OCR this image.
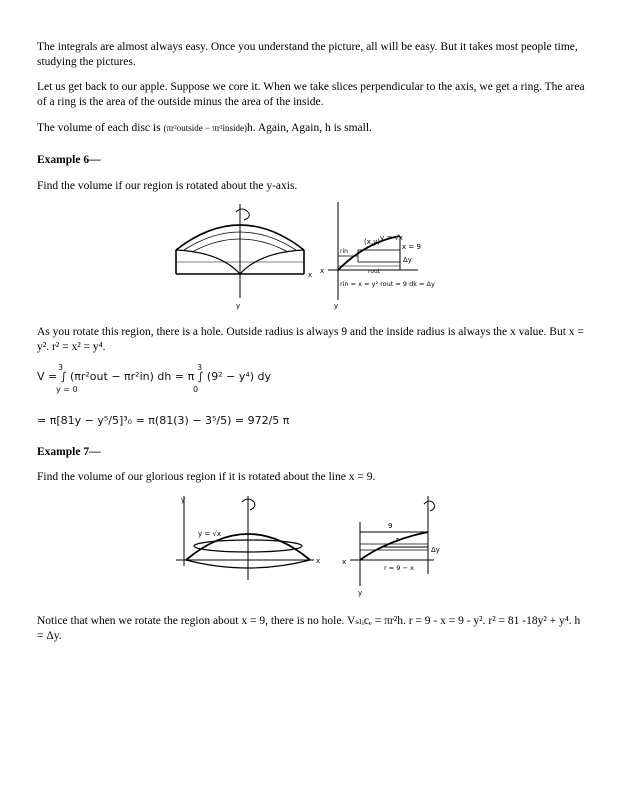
The integrals are almost always easy. Once you understand the picture, all will be easy. But it takes most people time, studying the pictures.
Let us get back to our apple. Suppose we core it. When we take slices perpendicular to the axis, we get a ring. The area of a ring is the area of the outside minus the area of the inside.
The volume of each disc is (πr²outside − πr²inside)h. Again, Again, h is small.
Example 6—
Find the volume if our region is rotated about the y-axis.
x
y
(x,y) y = √x
x = 9
rin
rout
Δy
x
y
rin = x = y² rout = 9 dk = Δy
As you rotate this region, there is a hole. Outside radius is always 9 and the inside radius is always the x value. But x = y². r² = x² = y⁴.
V = ∫ (πr²out − πr²in) dh = π ∫ (9² − y⁴) dy
3
y = 0
3
0
= π[81y − y⁵/5]³₀ = π(81(3) − 3⁵/5) = 972/5 π
Example 7—
Find the volume of our glorious region if it is rotated about the line x = 9.
y = √x
x
y
9
r
Δy
r = 9 − x
x
y
Notice that when we rotate the region about x = 9, there is no hole. Vₛₗᵢcₑ = πr²h. r = 9 - x = 9 - y². r² = 81 -18y² + y⁴. h = Δy.
